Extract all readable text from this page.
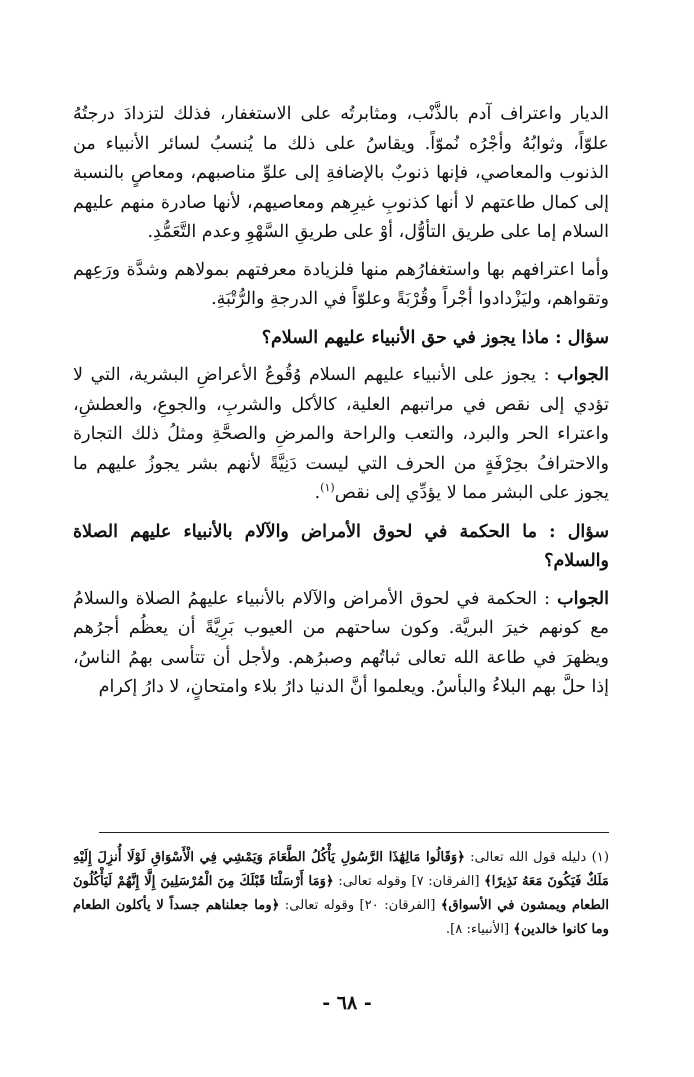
الديار واعتراف آدم بالذَّنْب، ومثابرتُه على الاستغفار، فذلك لتزدادَ درجتُهُ علوّاً، وثوابُهُ وأجْرُه نُموّاً. ويقاسُ على ذلك ما يُنسبُ لسائر الأنبياء من الذنوب والمعاصي، فإنها ذنوبٌ بالإضافةِ إلى علوِّ مناصبهم، ومعاصٍ بالنسبة إلى كمال طاعتهم لا أنها كذنوبِ غيرِهم ومعاصيهم، لأنها صادرة منهم عليهم السلام إما على طريق التأوُّل، أوْ على طريقِ السَّهْوِ وعدم التَّعَمُّدِ.

وأما اعترافهم بها واستغفارُهم منها فلزيادة معرفتهم بمولاهم وشدَّة ورَعِهم وتقواهم، وليَزْدادوا أجْراً وقُرْبَةً وعلوّاً في الدرجةِ والرُّتْبَةِ.

سؤال : ماذا يجوز في حق الأنبياء عليهم السلام؟

الجواب : يجوز على الأنبياء عليهم السلام وُقُوعُ الأعراضِ البشرية، التي لا تؤدي إلى نقص في مراتبهم العلية، كالأكل والشربِ، والجوعِ، والعطشِ، واعتراء الحر والبرد، والتعب والراحة والمرضِ والصحَّةِ ومثلُ ذلك التجارة والاحترافُ بحِرْفَةٍ من الحرف التي ليست دَنِيَّةً لأنهم بشر يجوزُ عليهم ما يجوز على البشر مما لا يؤدِّي إلى نقص$^{(١)}$.

سؤال : ما الحكمة في لحوق الأمراض والآلام بالأنبياء عليهم الصلاة والسلام؟

الجواب : الحكمة في لحوق الأمراض والآلام بالأنبياء عليهمُ الصلاة والسلامُ مع كونهم خيرَ البريَّة. وكون ساحتهم من العيوب بَرِيَّةً أن يعظُم أجرُهم ويظهرَ في طاعة الله تعالى ثباتُهم وصبرُهم. ولأجل أن تتأسى بهمُ الناسُ، إذا حلَّ بهم البلاءُ والبأسُ. ويعلموا أنَّ الدنيا دارُ بلاء وامتحانٍ، لا دارُ إكرام

(١) دليله قول الله تعالى: ﴿وَقَالُوا مَالِهَٰذَا الرَّسُولِ يَأْكُلُ الطَّعَامَ وَيَمْشِي فِي الْأَسْوَاقِ لَوْلَا أُنزِلَ إِلَيْهِ مَلَكٌ فَيَكُونَ مَعَهُ نَذِيرًا﴾ [الفرقان: ٧] وقوله تعالى: ﴿وَمَا أَرْسَلْنَا قَبْلَكَ مِنَ الْمُرْسَلِينَ إِلَّا إِنَّهُمْ لَيَأْكُلُونَ الطعام ويمشون في الأسواق﴾ [الفرقان: ٢٠] وقوله تعالى: ﴿وما جعلناهم جسداً لا يأكلون الطعام وما كانوا خالدين﴾ [الأنبياء: ٨].
- ٦٨ -
